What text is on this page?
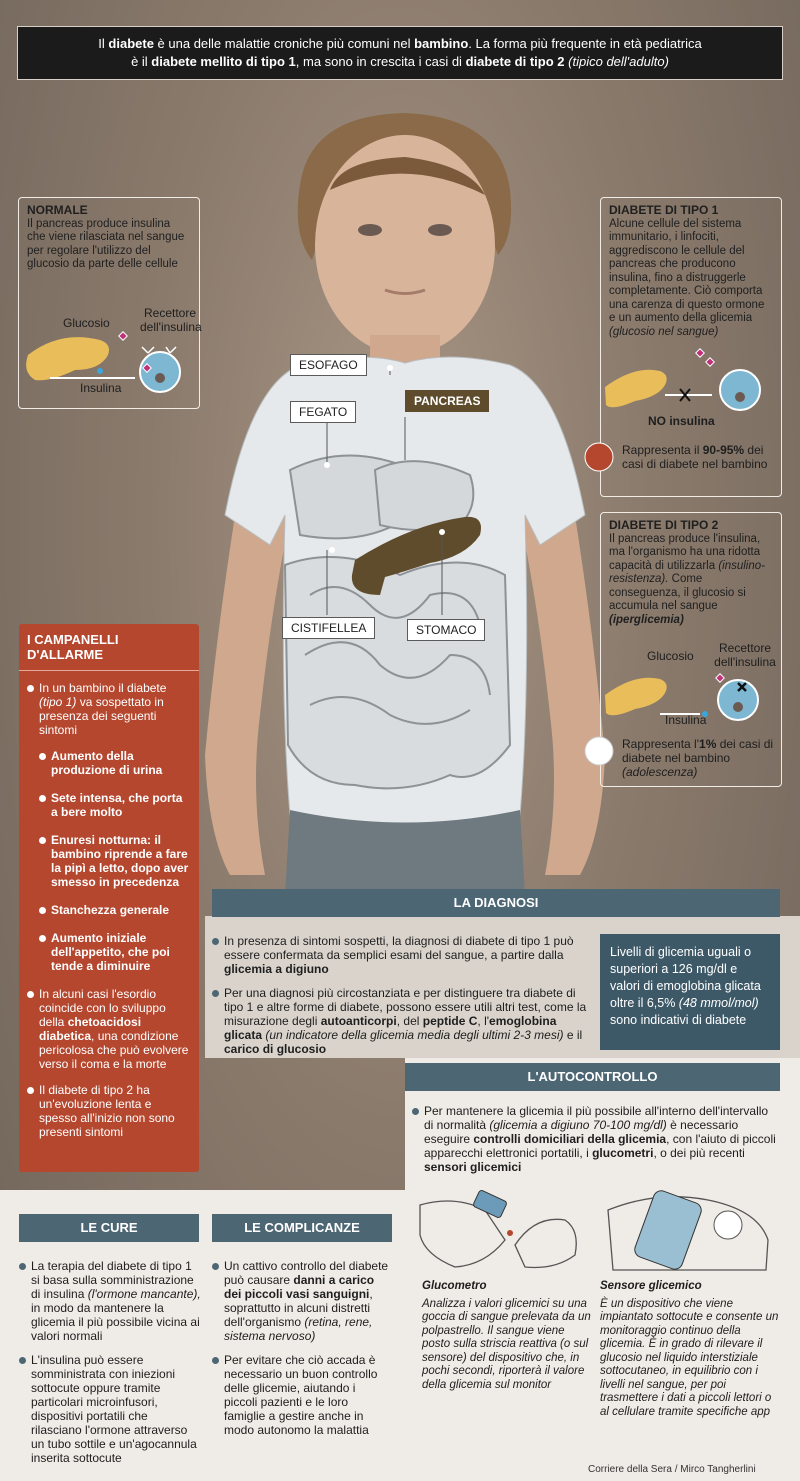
Il diabete è una delle malattie croniche più comuni nel bambino. La forma più frequente in età pediatrica
è il diabete mellito di tipo 1, ma sono in crescita i casi di diabete di tipo 2 (tipico dell'adulto)
ESOFAGO
FEGATO
PANCREAS
CISTIFELLEA	STOMACO
NORMALE
Il pancreas produce insulina che viene rilasciata nel sangue per regolare l'utilizzo del glucosio da parte delle cellule
Glucosio
Recettore dell'insulina
Insulina
DIABETE DI TIPO 1
Alcune cellule del sistema immunitario, i linfociti, aggrediscono le cellule del pancreas che producono insulina, fino a distruggerle completamente. Ciò comporta una carenza di questo ormone e un aumento della glicemia (glucosio nel sangue)
NO insulina
Rappresenta il 90-95% dei casi di diabete nel bambino
DIABETE DI TIPO 2
Il pancreas produce l'insulina, ma l'organismo ha una ridotta capacità di utilizzarla (insulino-resistenza). Come conseguenza, il glucosio si accumula nel sangue (iperglicemia)
Glucosio
Recettore dell'insulina
Insulina
Rappresenta l'1% dei casi di diabete nel bambino (adolescenza)
I CAMPANELLI D'ALLARME
In un bambino il diabete (tipo 1) va sospettato in presenza dei seguenti sintomi
Aumento della produzione di urina
Sete intensa, che porta a bere molto
Enuresi notturna: il bambino riprende a fare la pipì a letto, dopo aver smesso in precedenza
Stanchezza generale
Aumento iniziale dell'appetito, che poi tende a diminuire
In alcuni casi l'esordio coincide con lo sviluppo della chetoacidosi diabetica, una condizione pericolosa che può evolvere verso il coma e la morte
Il diabete di tipo 2 ha un'evoluzione lenta e spesso all'inizio non sono presenti sintomi
LA DIAGNOSI

In presenza di sintomi sospetti, la diagnosi di diabete di tipo 1 può essere confermata da semplici esami del sangue, a partire dalla glicemia a digiuno

Per una diagnosi più circostanziata e per distinguere tra diabete di tipo 1 e altre forme di diabete, possono essere utili altri test, come la misurazione degli autoanticorpi, del peptide C, l'emoglobina glicata (un indicatore della glicemia media degli ultimi 2-3 mesi) e il carico di glucosio

Livelli di glicemia uguali o superiori a 126 mg/dl e valori di emoglobina glicata oltre il 6,5% (48 mmol/mol) sono indicativi di diabete
L'AUTOCONTROLLO

Per mantenere la glicemia il più possibile all'interno dell'intervallo di normalità (glicemia a digiuno 70-100 mg/dl) è necessario eseguire controlli domiciliari della glicemia, con l'aiuto di piccoli apparecchi elettronici portatili, i glucometri, o dei più recenti sensori glicemici

Glucometro
Analizza i valori glicemici su una goccia di sangue prelevata da un polpastrello. Il sangue viene posto sulla striscia reattiva (o sul sensore) del dispositivo che, in pochi secondi, riporterà il valore della glicemia sul monitor
Sensore glicemico
È un dispositivo che viene impiantato sottocute e consente un monitoraggio continuo della glicemia. È in grado di rilevare il glucosio nel liquido interstiziale sottocutaneo, in equilibrio con i livelli nel sangue, per poi trasmettere i dati a piccoli lettori o al cellulare tramite specifiche app
LE CURE

La terapia del diabete di tipo 1 si basa sulla somministrazione di insulina (l'ormone mancante), in modo da mantenere la glicemia il più possibile vicina ai valori normali

L'insulina può essere somministrata con iniezioni sottocute oppure tramite particolari microinfusori, dispositivi portatili che rilasciano l'ormone attraverso un tubo sottile e un'agocannula inserita sottocute

LE COMPLICANZE

Un cattivo controllo del diabete può causare danni a carico dei piccoli vasi sanguigni, soprattutto in alcuni distretti dell'organismo (retina, rene, sistema nervoso)

Per evitare che ciò accada è necessario un buon controllo delle glicemie, aiutando i piccoli pazienti e le loro famiglie a gestire anche in modo autonomo la malattia

Corriere della Sera / Mirco Tangherlini
